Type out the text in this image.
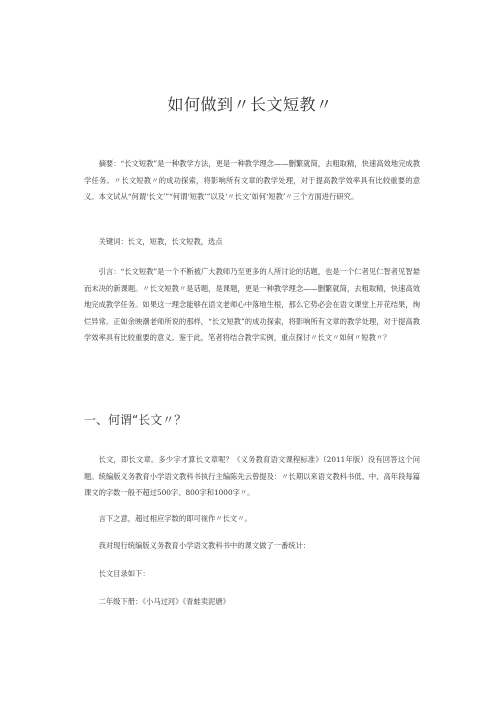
如何做到〃长文短教〃
摘要：“长文短教”是一种教学方法，更是一种教学理念——删繁就简，去粗取精，快速高效地完成教学任务。〃长文短教〃的成功探索，将影响所有文章的教学处理，对于提高教学效率具有比较重要的意义。本文试从“何谓‘长文’”“何谓‘短教’”以及‘〃长文’如何‘短教’〃三个方面进行研究。
关键词：长文，短教，长文短教，选点
引言：“长文短教”是一个不断被广大教师乃至更多的人所讨论的话题，也是一个仁者见仁智者见智悬而未决的新课题。〃长文短教〃是话题，是课题，更是一种教学理念——删繁就简，去粗取精，快速高效地完成教学任务。如果这一理念能够在语文老师心中落地生根，那么它势必会在语文课堂上开花结果，绚烂异常。正如余映潮老师所说的那样，“长文短教”的成功探索，将影响所有文章的教学处理，对于提高教学效率具有比较重要的意义。鉴于此，笔者将结合教学实例，重点探讨〃长文〃如何〃短教〃？
一、何谓“长文〃？
长文，即长文章。多少字才算长文章呢？《义务教育语文课程标准》（2011年版）没有回答这个问题。统编版义务教育小学语文教科书执行主编陈先云曾提及：〃长期以来语文教科书低、中、高年段每篇课文的字数一般不超过500字、800字和1000字〃。
言下之意，超过相应字数的即可视作〃长文〃。
我对现行统编版义务教育小学语文教科书中的课文做了一番统计：
长文目录如下：
二年级下册：《小马过河》《青蛙卖泥塘》
